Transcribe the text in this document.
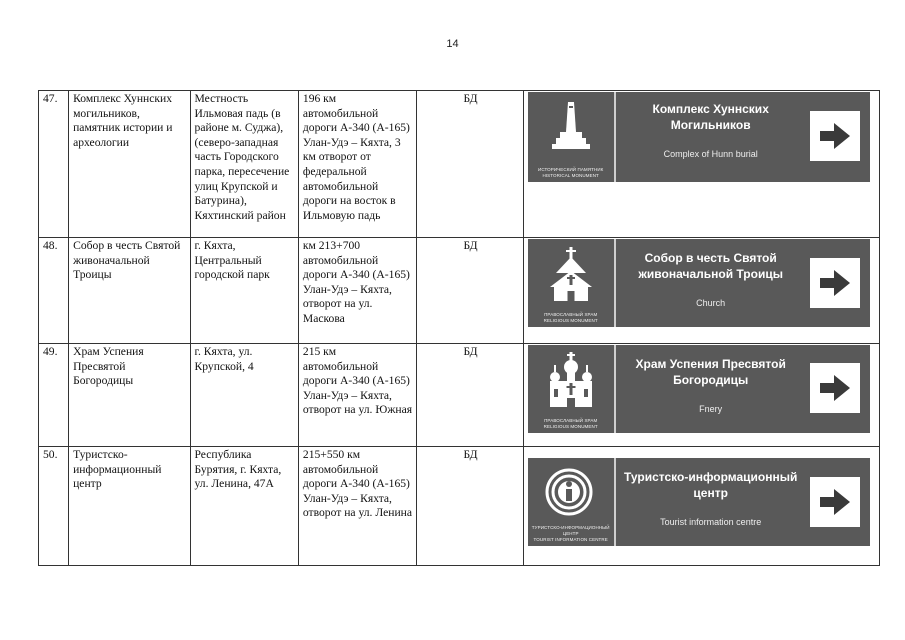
14
47.	Комплекс Хуннских могильников, памятник истории и археологии	Местность Ильмовая падь (в районе м. Суджа), (северо-западная часть Городского парка, пересечение улиц Крупской и Батурина), Кяхтинский район	196 км автомобильной дороги А-340 (А-165) Улан-Удэ – Кяхта, 3 км отворот от федеральной автомобильной дороги на восток в Ильмовую падь	БД	ИСТОРИЧЕСКИЙ ПАМЯТНИК
HISTORICAL MONUMENT
Комплекс Хуннских Могильников
Complex of Hunn burial

48.	Собор в честь Святой живоначальной Троицы	г. Кяхта, Центральный городской парк	км 213+700 автомобильной дороги А-340 (А-165) Улан-Удэ – Кяхта, отворот на ул. Маскова	БД	ПРАВОСЛАВНЫЙ ХРАМ
RELIGIOUS MONUMENT
Собор в честь Святой живоначальной Троицы
Church

49.	Храм Успения Пресвятой Богородицы	г. Кяхта, ул. Крупской, 4	215 км автомобильной дороги А-340 (А-165) Улан-Удэ – Кяхта, отворот на ул. Южная	БД	ПРАВОСЛАВНЫЙ ХРАМ
RELIGIOUS MONUMENT
Храм Успения Пресвятой Богородицы
Fnery

50.	Туристско-информационный центр	Республика Бурятия, г. Кяхта, ул. Ленина, 47А	215+550 км автомобильной дороги А-340 (А-165) Улан-Удэ – Кяхта, отворот на ул. Ленина	БД	ТУРИСТСКО-ИНФОРМАЦИОННЫЙ ЦЕНТР
TOURIST INFORMATION CENTRE
Туристско-информационный центр
Tourist information centre
